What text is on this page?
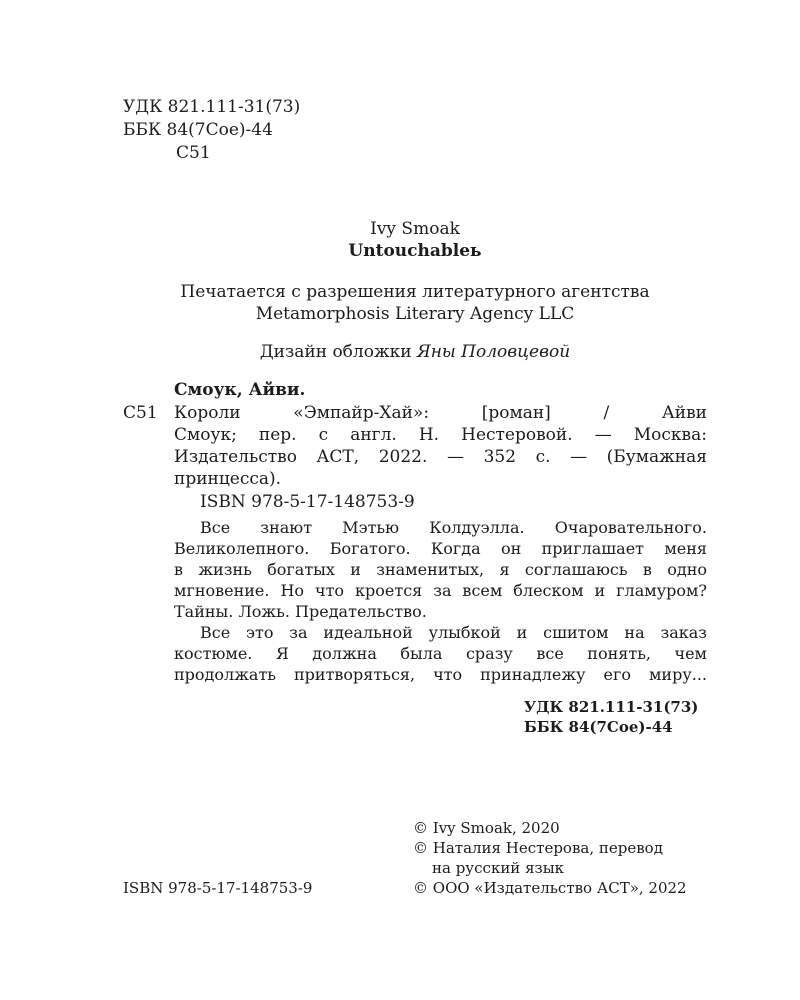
УДК 821.111-31(73)
ББК 84(7Сое)-44
С51
Ivy Smoak
Untouchablеь
Печатается с разрешения литературного агентства
Metamorphosis Literary Agency LLC
Дизайн обложки Яны Половцевой
Смоук, Айви.
С51 Короли «Эмпайр-Хай»: [роман] / Айви
Смоук; пер. с англ. Н. Нестеровой. — Москва:
Издательство АСТ, 2022. — 352 с. — (Бумажная
принцесса).
ISBN 978-5-17-148753-9
Все знают Мэтью Колдуэлла. Очаровательного.
Великолепного. Богатого. Когда он приглашает меня
в жизнь богатых и знаменитых, я соглашаюсь в одно
мгновение. Но что кроется за всем блеском и гламуром?
Тайны. Ложь. Предательство.
Все это за идеальной улыбкой и сшитом на заказ
костюме. Я должна была сразу все понять, чем
продолжать притворяться, что принадлежу его миру...
УДК 821.111-31(73)
ББК 84(7Сое)-44
© Ivy Smoak, 2020
© Наталия Нестерова, перевод
на русский язык
ISBN 978-5-17-148753-9	© ООО «Издательство АСТ», 2022
